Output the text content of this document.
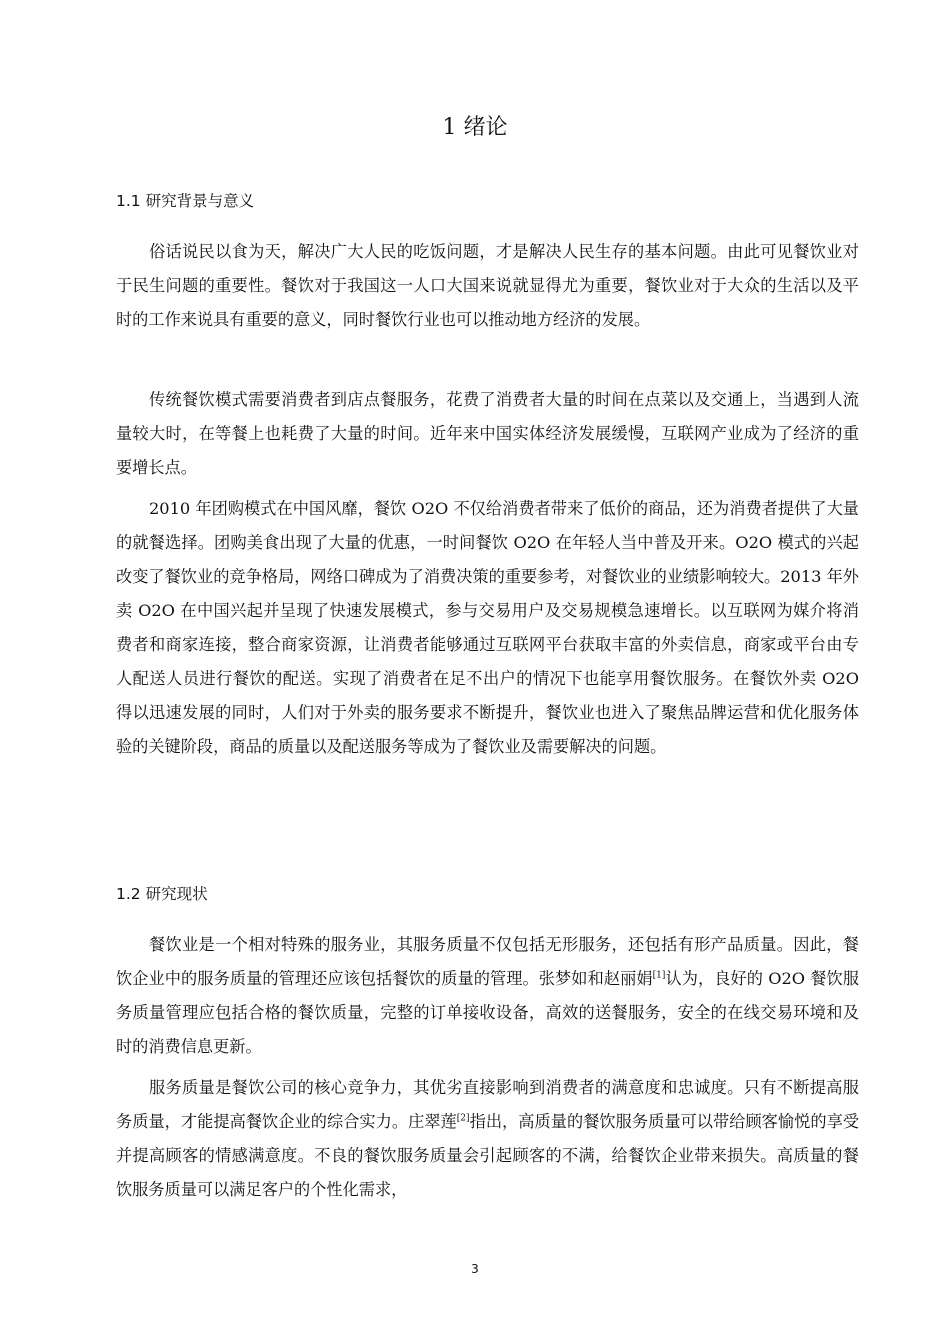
1 绪论
1.1 研究背景与意义

俗话说民以食为天，解决广大人民的吃饭问题，才是解决人民生存的基本问题。由此可见餐饮业对于民生问题的重要性。餐饮对于我国这一人口大国来说就显得尤为重要，餐饮业对于大众的生活以及平时的工作来说具有重要的意义，同时餐饮行业也可以推动地方经济的发展。

传统餐饮模式需要消费者到店点餐服务，花费了消费者大量的时间在点菜以及交通上，当遇到人流量较大时，在等餐上也耗费了大量的时间。近年来中国实体经济发展缓慢，互联网产业成为了经济的重要增长点。

2010 年团购模式在中国风靡，餐饮 O2O 不仅给消费者带来了低价的商品，还为消费者提供了大量的就餐选择。团购美食出现了大量的优惠，一时间餐饮 O2O 在年轻人当中普及开来。O2O 模式的兴起改变了餐饮业的竞争格局，网络口碑成为了消费决策的重要参考，对餐饮业的业绩影响较大。2013 年外卖 O2O 在中国兴起并呈现了快速发展模式，参与交易用户及交易规模急速增长。以互联网为媒介将消费者和商家连接，整合商家资源，让消费者能够通过互联网平台获取丰富的外卖信息，商家或平台由专人配送人员进行餐饮的配送。实现了消费者在足不出户的情况下也能享用餐饮服务。在餐饮外卖 O2O 得以迅速发展的同时，人们对于外卖的服务要求不断提升，餐饮业也进入了聚焦品牌运营和优化服务体验的关键阶段，商品的质量以及配送服务等成为了餐饮业及需要解决的问题。

1.2 研究现状

餐饮业是一个相对特殊的服务业，其服务质量不仅包括无形服务，还包括有形产品质量。因此，餐饮企业中的服务质量的管理还应该包括餐饮的质量的管理。张梦如和赵丽娟[1]认为，良好的 O2O 餐饮服务质量管理应包括合格的餐饮质量，完整的订单接收设备，高效的送餐服务，安全的在线交易环境和及时的消费信息更新。

服务质量是餐饮公司的核心竞争力，其优劣直接影响到消费者的满意度和忠诚度。只有不断提高服务质量，才能提高餐饮企业的综合实力。庄翠莲[2]指出，高质量的餐饮服务质量可以带给顾客愉悦的享受并提高顾客的情感满意度。不良的餐饮服务质量会引起顾客的不满，给餐饮企业带来损失。高质量的餐饮服务质量可以满足客户的个性化需求，

3
